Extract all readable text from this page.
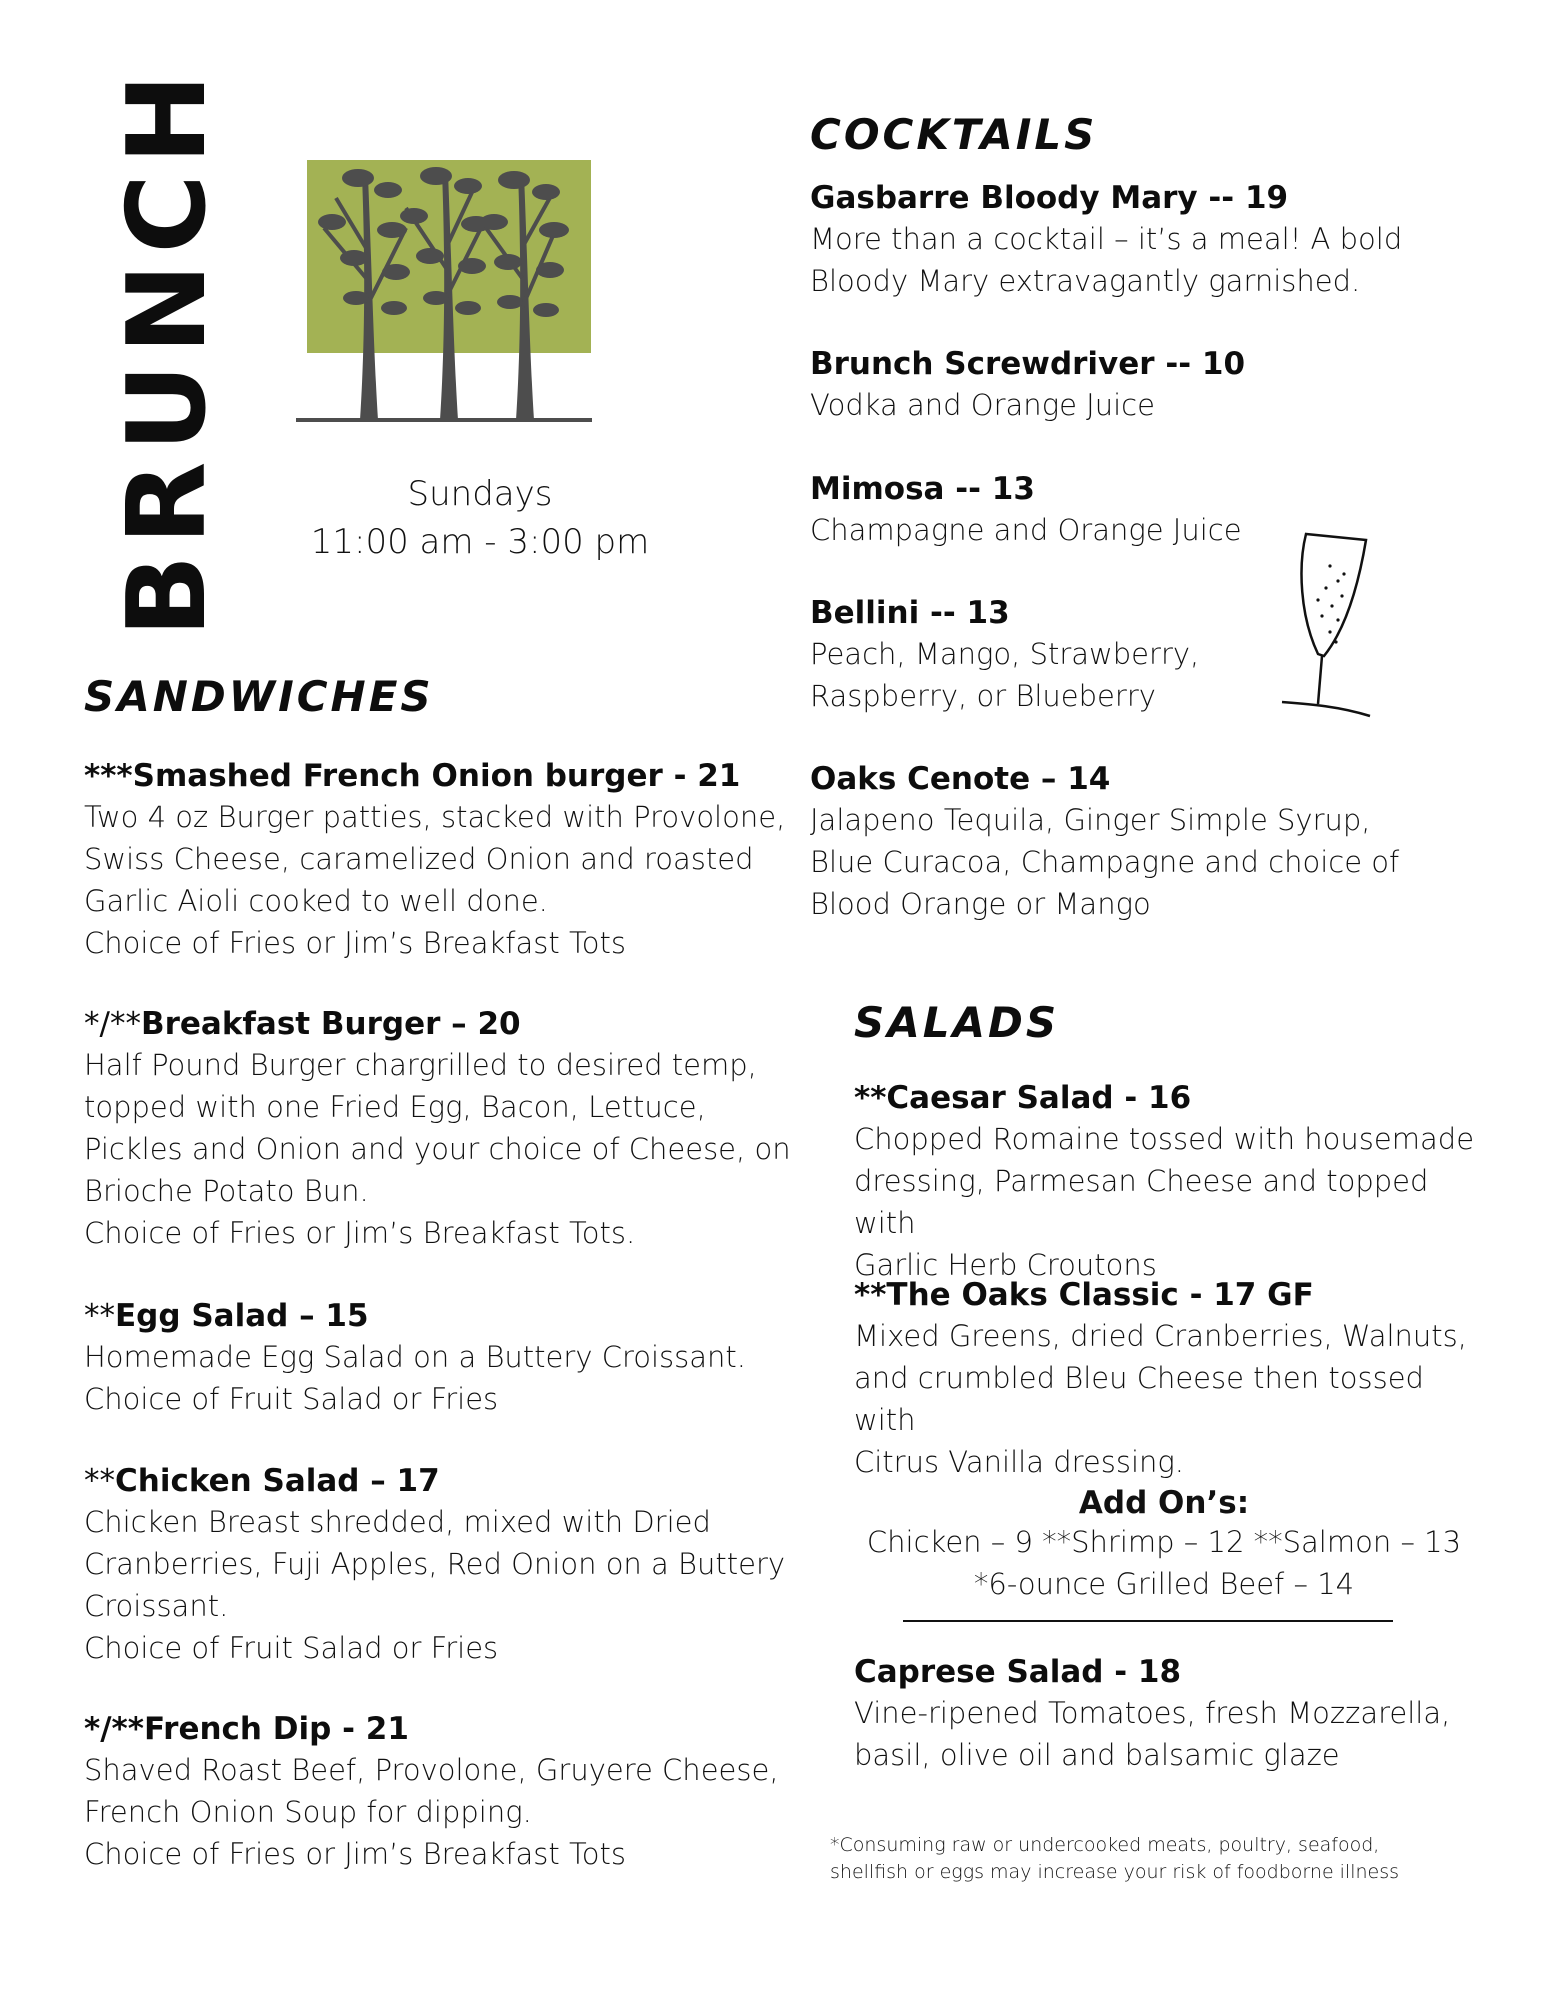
BRUNCH	Sundays
11:00 am - 3:00 pm
SANDWICHES
***Smashed French Onion burger - 21
Two 4 oz Burger patties, stacked with Provolone,
Swiss Cheese, caramelized Onion and roasted
Garlic Aioli cooked to well done.
Choice of Fries or Jim’s Breakfast Tots
*/**Breakfast Burger – 20
Half Pound Burger chargrilled to desired temp,
topped with one Fried Egg, Bacon, Lettuce,
Pickles and Onion and your choice of Cheese, on
Brioche Potato Bun.
Choice of Fries or Jim’s Breakfast Tots.
**Egg Salad – 15
Homemade Egg Salad on a Buttery Croissant.
Choice of Fruit Salad or Fries
**Chicken Salad – 17
Chicken Breast shredded, mixed with Dried
Cranberries, Fuji Apples, Red Onion on a Buttery
Croissant.
Choice of Fruit Salad or Fries
*/**French Dip - 21
Shaved Roast Beef, Provolone, Gruyere Cheese,
French Onion Soup for dipping.
Choice of Fries or Jim’s Breakfast Tots
COCKTAILS
Gasbarre Bloody Mary -- 19
More than a cocktail – it’s a meal! A bold
Bloody Mary extravagantly garnished.
Brunch Screwdriver -- 10
Vodka and Orange Juice
Mimosa -- 13
Champagne and Orange Juice
Bellini -- 13
Peach, Mango, Strawberry,
Raspberry, or Blueberry
Oaks Cenote – 14
Jalapeno Tequila, Ginger Simple Syrup,
Blue Curacoa, Champagne and choice of
Blood Orange or Mango
SALADS
**Caesar Salad - 16
Chopped Romaine tossed with housemade
dressing, Parmesan Cheese and topped with
Garlic Herb Croutons
**The Oaks Classic - 17 GF
Mixed Greens, dried Cranberries, Walnuts,
and crumbled Bleu Cheese then tossed with
Citrus Vanilla dressing.
Add On’s:
Chicken – 9 **Shrimp – 12 **Salmon – 13
*6-ounce Grilled Beef – 14
Caprese Salad - 18
Vine-ripened Tomatoes, fresh Mozzarella,
basil, olive oil and balsamic glaze
*Consuming raw or undercooked meats, poultry, seafood,
shellfish or eggs may increase your risk of foodborne illness
